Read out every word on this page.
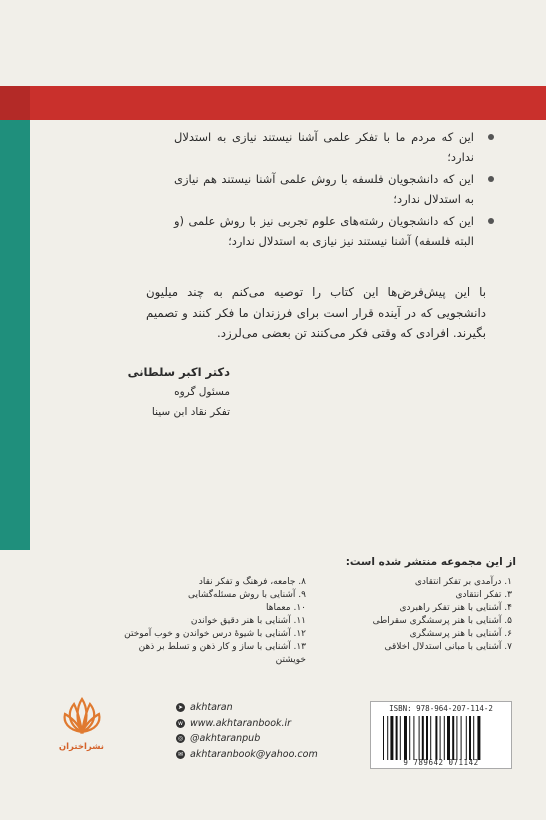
این که مردم ما با تفکر علمی آشنا نیستند نیازی به استدلال ندارد؛
این که دانشجویان فلسفه با روش علمی آشنا نیستند هم نیازی به استدلال ندارد؛
این که دانشجویان رشته‌های علوم تجربی نیز با روش علمی (و البته فلسفه) آشنا نیستند نیز نیازی به استدلال ندارد؛

با این پیش‌فرض‌ها این کتاب را توصیه می‌کنم به چند میلیون دانشجویی که در آینده قرار است برای فرزندان ما فکر کنند و تصمیم بگیرند. افرادی که وقتی فکر می‌کنند تن بعضی می‌لرزد.

دکتر اکبر سلطانی
مسئول گروه
تفکر نقاد ابن سینا
از این مجموعه منتشر شده است:
۱. درآمدی بر تفکر انتقادی
۳. تفکر انتقادی
۴. آشنایی با هنر تفکر راهبردی
۵. آشنایی با هنر پرسشگری سقراطی
۶. آشنایی با هنر پرسشگری
۷. آشنایی با مبانی استدلال اخلاقی
۸. جامعه، فرهنگ و تفکر نقاد
۹. آشنایی با روش مسئله‌گشایی
۱۰. معماها
۱۱. آشنایی با هنر دقیق خواندن
۱۲. آشنایی با شیوهٔ درس خواندن و خوب آموختن
۱۳. آشنایی با ساز و کار ذهن و تسلط بر ذهن خویشتن
نشراختران
➤ akhtaran
w www.akhtaranbook.ir
◎ @akhtaranpub
✉ akhtaranbook@yahoo.com
ISBN: 978-964-207-114-2
9 789642 071142
